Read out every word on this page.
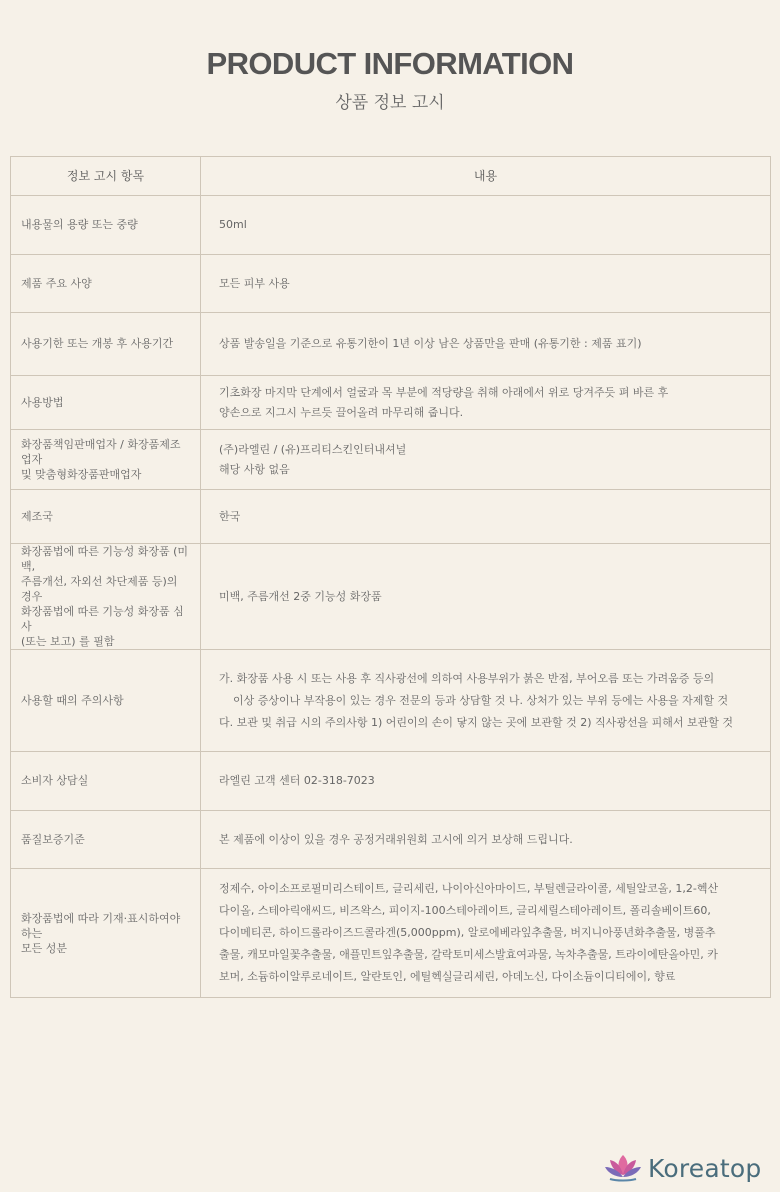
PRODUCT INFORMATION
상품 정보 고시
정보 고시 항목	내용

내용물의 용량 또는 중량	50ml

제품 주요 사양	모든 피부 사용

사용기한 또는 개봉 후 사용기간	상품 발송일을 기준으로 유통기한이 1년 이상 남은 상품만을 판매 (유통기한 : 제품 표기)

사용방법	기초화장 마지막 단계에서 얼굴과 목 부분에 적당량을 취해 아래에서 위로 당겨주듯 펴 바른 후
양손으로 지그시 누르듯 끌어올려 마무리해 줍니다.

화장품책임판매업자 / 화장품제조업자
및 맞춤형화장품판매업자	(주)라엘린 / (유)프리티스킨인터내셔널
해당 사항 없음

제조국	한국

화장품법에 따른 기능성 화장품 (미백,
주름개선, 자외선 차단제품 등)의 경우
화장품법에 따른 기능성 화장품 심사
(또는 보고) 를 필함	미백, 주름개선 2중 기능성 화장품

사용할 때의 주의사항	가. 화장품 사용 시 또는 사용 후 직사광선에 의하여 사용부위가 붉은 반점, 부어오름 또는 가려움증 등의
이상 증상이나 부작용이 있는 경우 전문의 등과 상담할 것 나. 상처가 있는 부위 등에는 사용을 자제할 것
다. 보관 및 취급 시의 주의사항 1) 어린이의 손이 닿지 않는 곳에 보관할 것 2) 직사광선을 피해서 보관할 것

소비자 상담실	라엘린 고객 센터 02-318-7023

품질보증기준	본 제품에 이상이 있을 경우 공정거래위원회 고시에 의거 보상해 드립니다.

화장품법에 따라 기재·표시하여야 하는
모든 성분	정제수, 아이소프로필미리스테이트, 글리세린, 나이아신아마이드, 부틸렌글라이콜, 세틸알코올, 1,2-헥산
다이올, 스테아릭애씨드, 비즈왁스, 피이지-100스테아레이트, 글리세릴스테아레이트, 폴리솔베이트60,
다이메티콘, 하이드롤라이즈드콜라겐(5,000ppm), 알로에베라잎추출물, 버지니아풍년화추출물, 병풀추
출물, 캐모마일꽃추출물, 애플민트잎추출물, 갈락토미세스발효여과물, 녹차추출물, 트라이에탄올아민, 카
보머, 소듐하이알루로네이트, 알란토인, 에틸헥실글리세린, 아데노신, 다이소듐이디티에이, 향료
Koreatop
